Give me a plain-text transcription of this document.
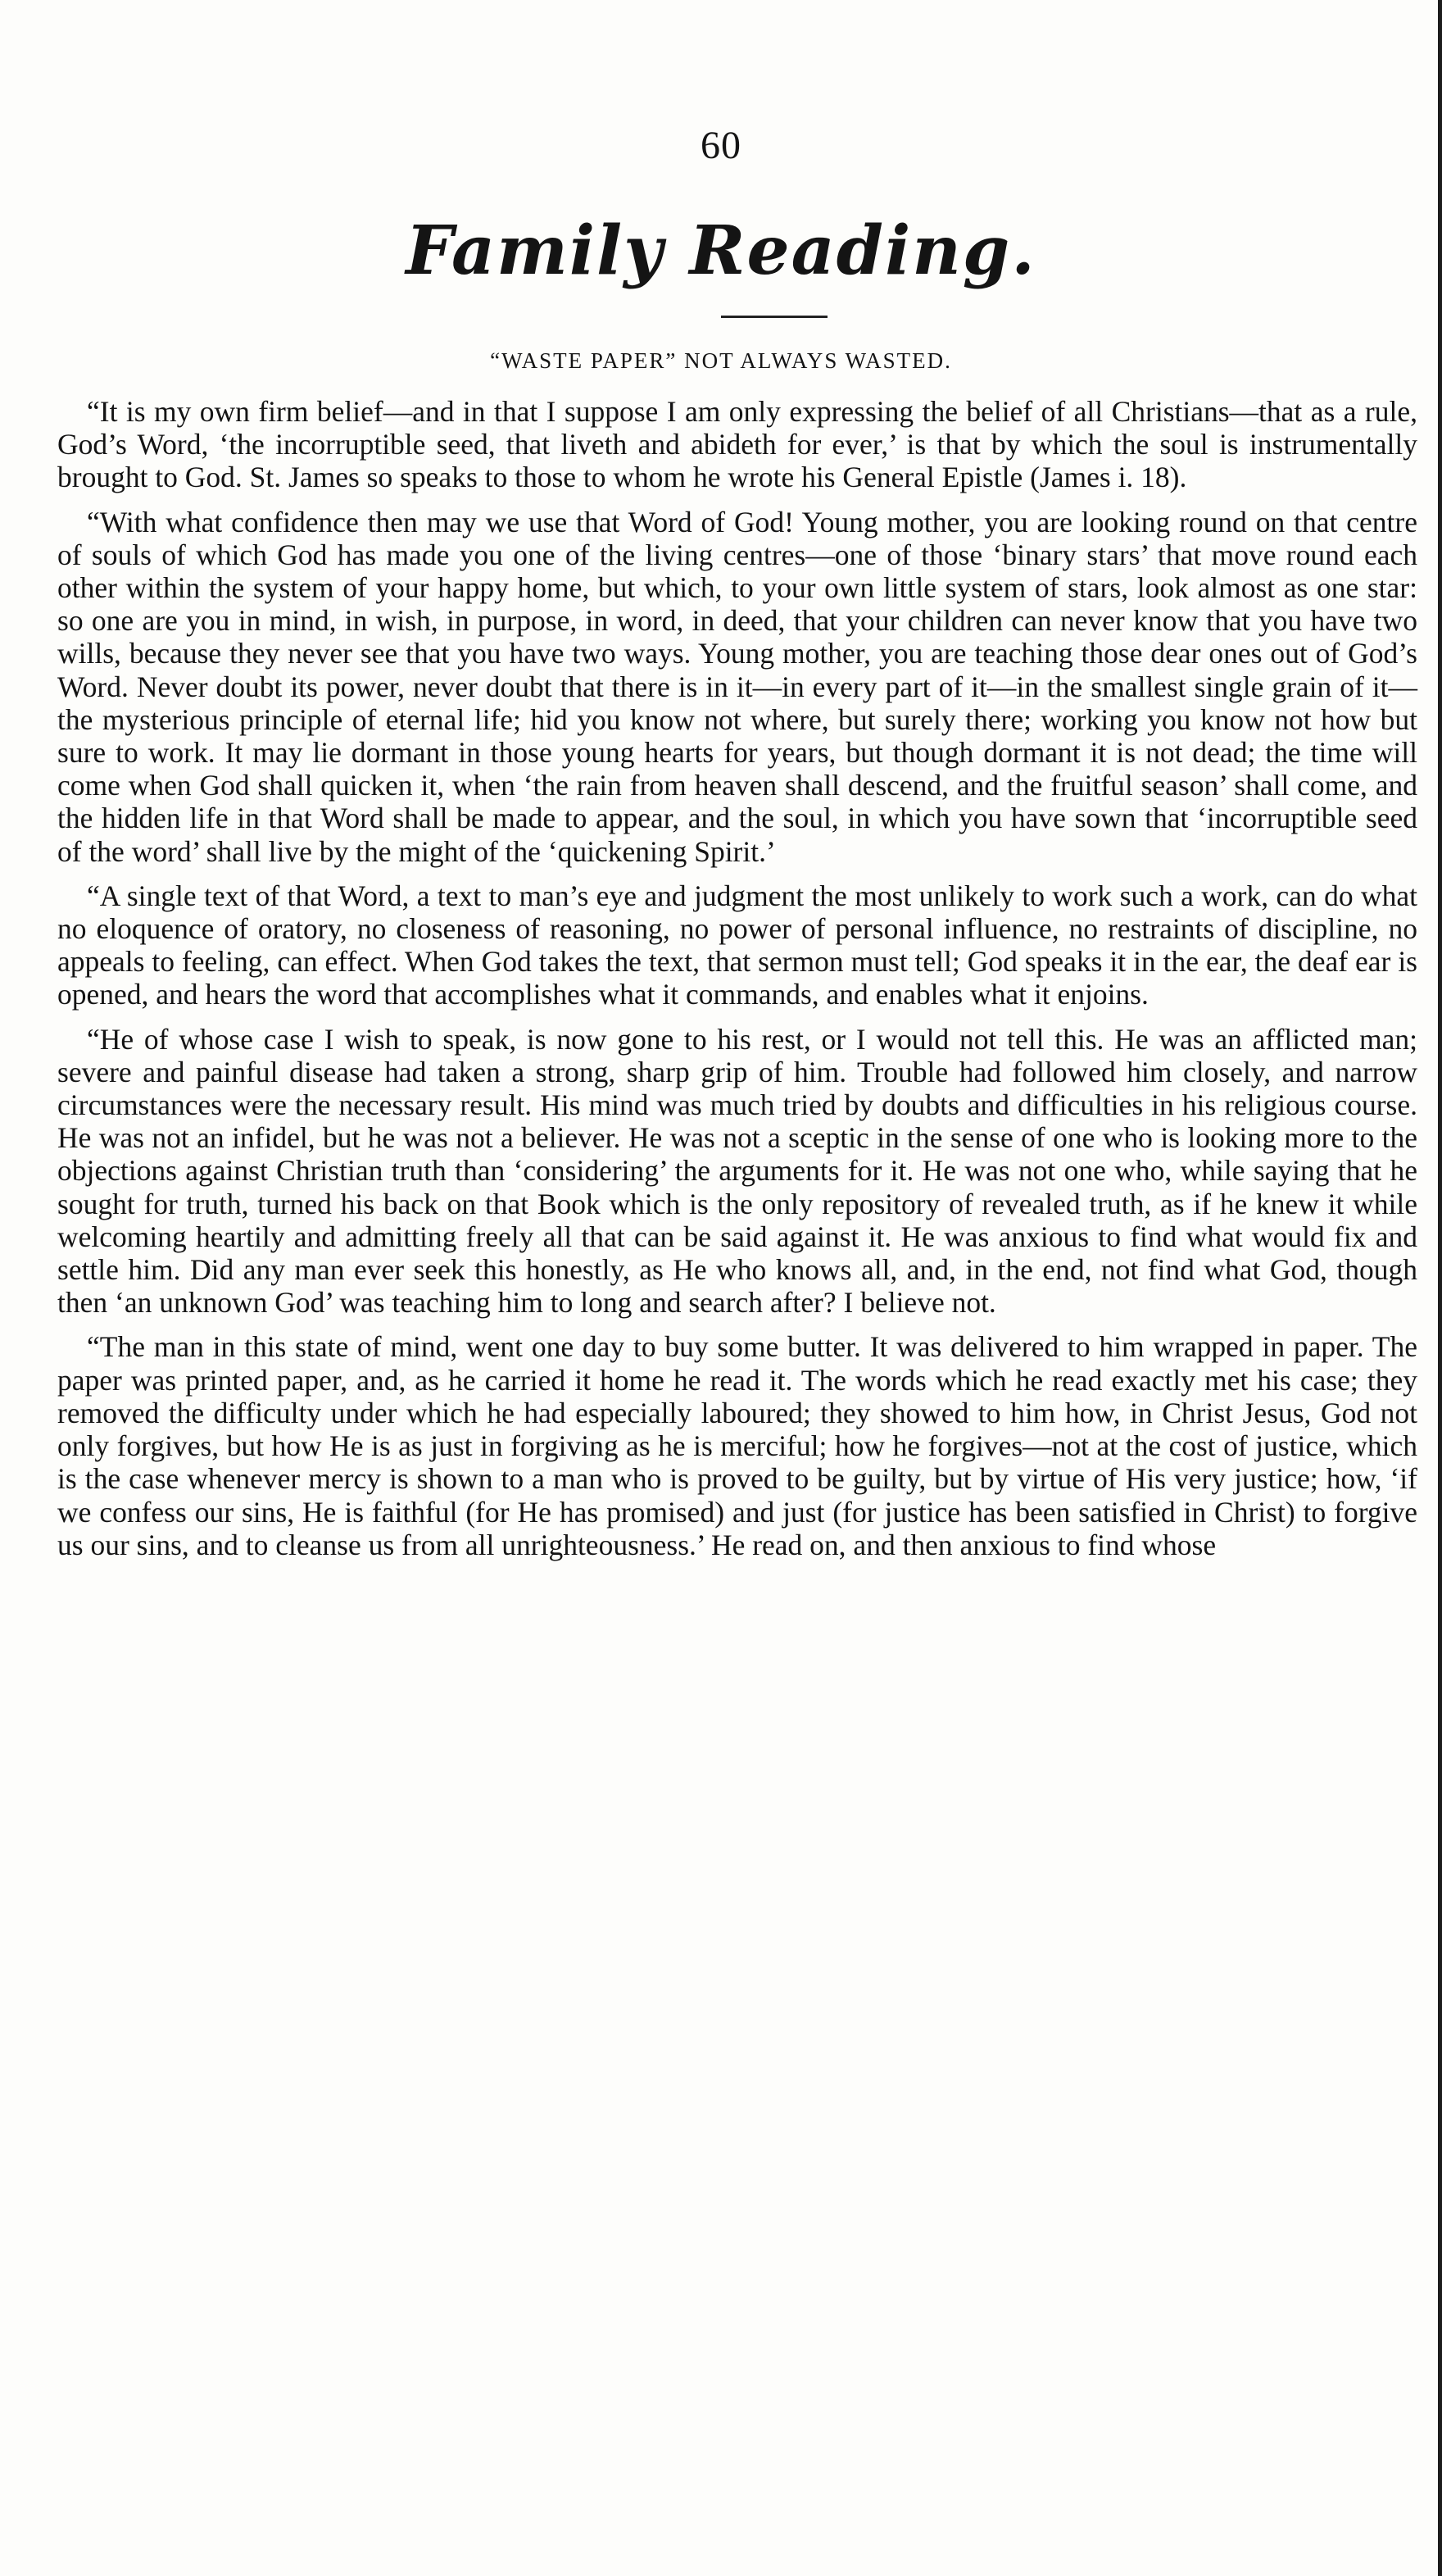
60
Family Reading.
“WASTE PAPER” NOT ALWAYS WASTED.

“It is my own firm belief—and in that I suppose I am only expressing the belief of all Christians—that as a rule, God’s Word, ‘the incorruptible seed, that liveth and abideth for ever,’ is that by which the soul is instrumentally brought to God. St. James so speaks to those to whom he wrote his General Epistle (James i. 18).

“With what confidence then may we use that Word of God! Young mother, you are looking round on that centre of souls of which God has made you one of the living centres—one of those ‘binary stars’ that move round each other within the system of your happy home, but which, to your own little system of stars, look almost as one star: so one are you in mind, in wish, in purpose, in word, in deed, that your children can never know that you have two wills, because they never see that you have two ways. Young mother, you are teaching those dear ones out of God’s Word. Never doubt its power, never doubt that there is in it—in every part of it—in the smallest single grain of it—the mysterious principle of eternal life; hid you know not where, but surely there; working you know not how but sure to work. It may lie dormant in those young hearts for years, but though dormant it is not dead; the time will come when God shall quicken it, when ‘the rain from heaven shall descend, and the fruitful season’ shall come, and the hidden life in that Word shall be made to appear, and the soul, in which you have sown that ‘incorruptible seed of the word’ shall live by the might of the ‘quickening Spirit.’

“A single text of that Word, a text to man’s eye and judgment the most unlikely to work such a work, can do what no eloquence of oratory, no closeness of reasoning, no power of personal influence, no restraints of discipline, no appeals to feeling, can effect. When God takes the text, that sermon must tell; God speaks it in the ear, the deaf ear is opened, and hears the word that accomplishes what it commands, and enables what it enjoins.

“He of whose case I wish to speak, is now gone to his rest, or I would not tell this. He was an afflicted man; severe and painful disease had taken a strong, sharp grip of him. Trouble had followed him closely, and narrow circumstances were the necessary result. His mind was much tried by doubts and difficulties in his religious course. He was not an infidel, but he was not a believer. He was not a sceptic in the sense of one who is looking more to the objections against Christian truth than ‘considering’ the arguments for it. He was not one who, while saying that he sought for truth, turned his back on that Book which is the only repository of revealed truth, as if he knew it while welcoming heartily and admitting freely all that can be said against it. He was anxious to find what would fix and settle him. Did any man ever seek this honestly, as He who knows all, and, in the end, not find what God, though then ‘an unknown God’ was teaching him to long and search after? I believe not.

“The man in this state of mind, went one day to buy some butter. It was delivered to him wrapped in paper. The paper was printed paper, and, as he carried it home he read it. The words which he read exactly met his case; they removed the difficulty under which he had especially laboured; they showed to him how, in Christ Jesus, God not only forgives, but how He is as just in forgiving as he is merciful; how he forgives—not at the cost of justice, which is the case whenever mercy is shown to a man who is proved to be guilty, but by virtue of His very justice; how, ‘if we confess our sins, He is faithful (for He has promised) and just (for justice has been satisfied in Christ) to forgive us our sins, and to cleanse us from all unrighteousness.’ He read on, and then anxious to find whose
